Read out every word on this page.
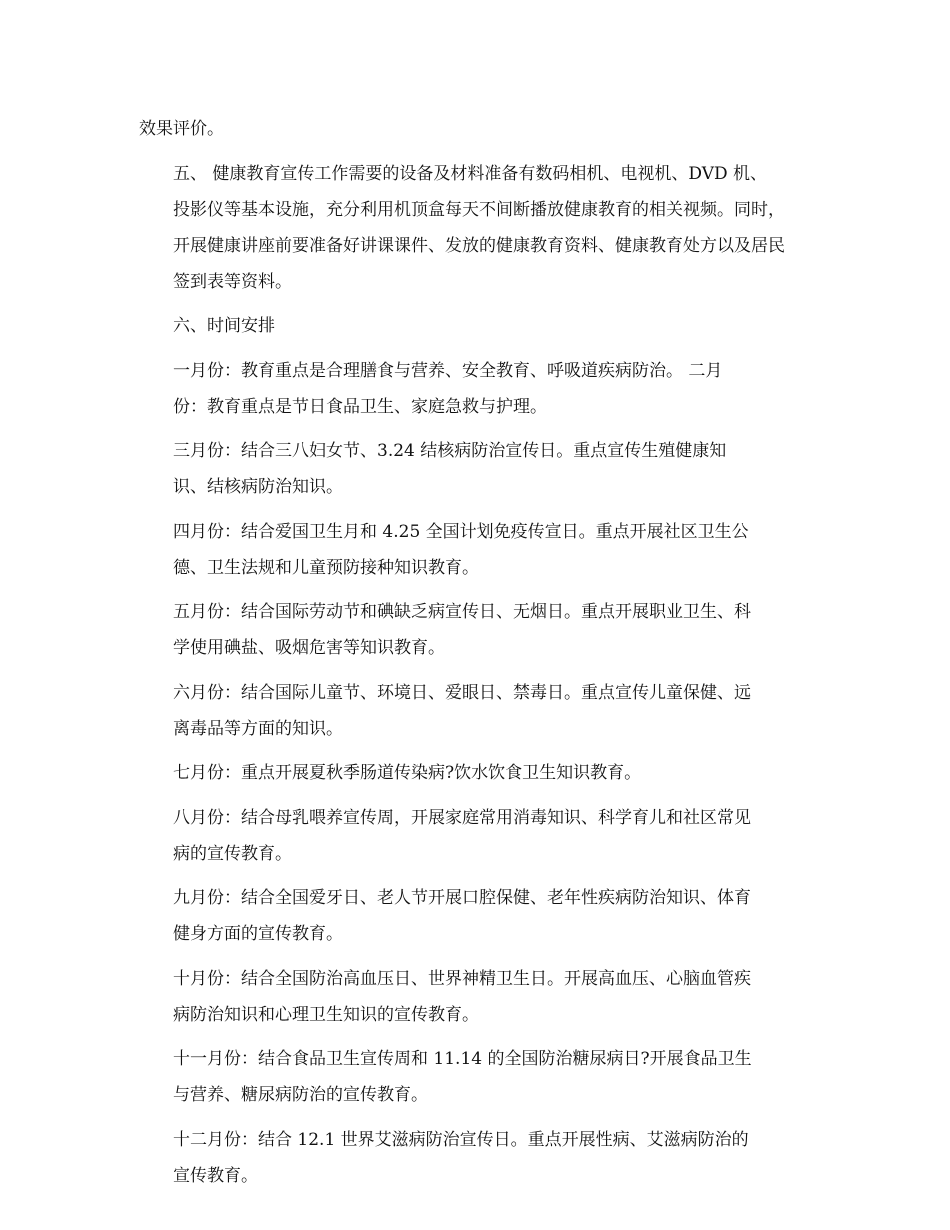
效果评价。

五、 健康教育宣传工作需要的设备及材料准备有数码相机、电视机、DVD 机、
投影仪等基本设施，充分利用机顶盒每天不间断播放健康教育的相关视频。同时，
开展健康讲座前要准备好讲课课件、发放的健康教育资料、健康教育处方以及居民
签到表等资料。

六、时间安排

一月份：教育重点是合理膳食与营养、安全教育、呼吸道疾病防治。 二月
份：教育重点是节日食品卫生、家庭急救与护理。

三月份：结合三八妇女节、3.24 结核病防治宣传日。重点宣传生殖健康知
识、结核病防治知识。

四月份：结合爱国卫生月和 4.25 全国计划免疫传宣日。重点开展社区卫生公
德、卫生法规和儿童预防接种知识教育。

五月份：结合国际劳动节和碘缺乏病宣传日、无烟日。重点开展职业卫生、科
学使用碘盐、吸烟危害等知识教育。

六月份：结合国际儿童节、环境日、爱眼日、禁毒日。重点宣传儿童保健、远
离毒品等方面的知识。

七月份：重点开展夏秋季肠道传染病?饮水饮食卫生知识教育。

八月份：结合母乳喂养宣传周，开展家庭常用消毒知识、科学育儿和社区常见
病的宣传教育。

九月份：结合全国爱牙日、老人节开展口腔保健、老年性疾病防治知识、体育
健身方面的宣传教育。

十月份：结合全国防治高血压日、世界神精卫生日。开展高血压、心脑血管疾
病防治知识和心理卫生知识的宣传教育。

十一月份：结合食品卫生宣传周和 11.14 的全国防治糖尿病日?开展食品卫生
与营养、糖尿病防治的宣传教育。

十二月份：结合 12.1 世界艾滋病防治宣传日。重点开展性病、艾滋病防治的
宣传教育。
